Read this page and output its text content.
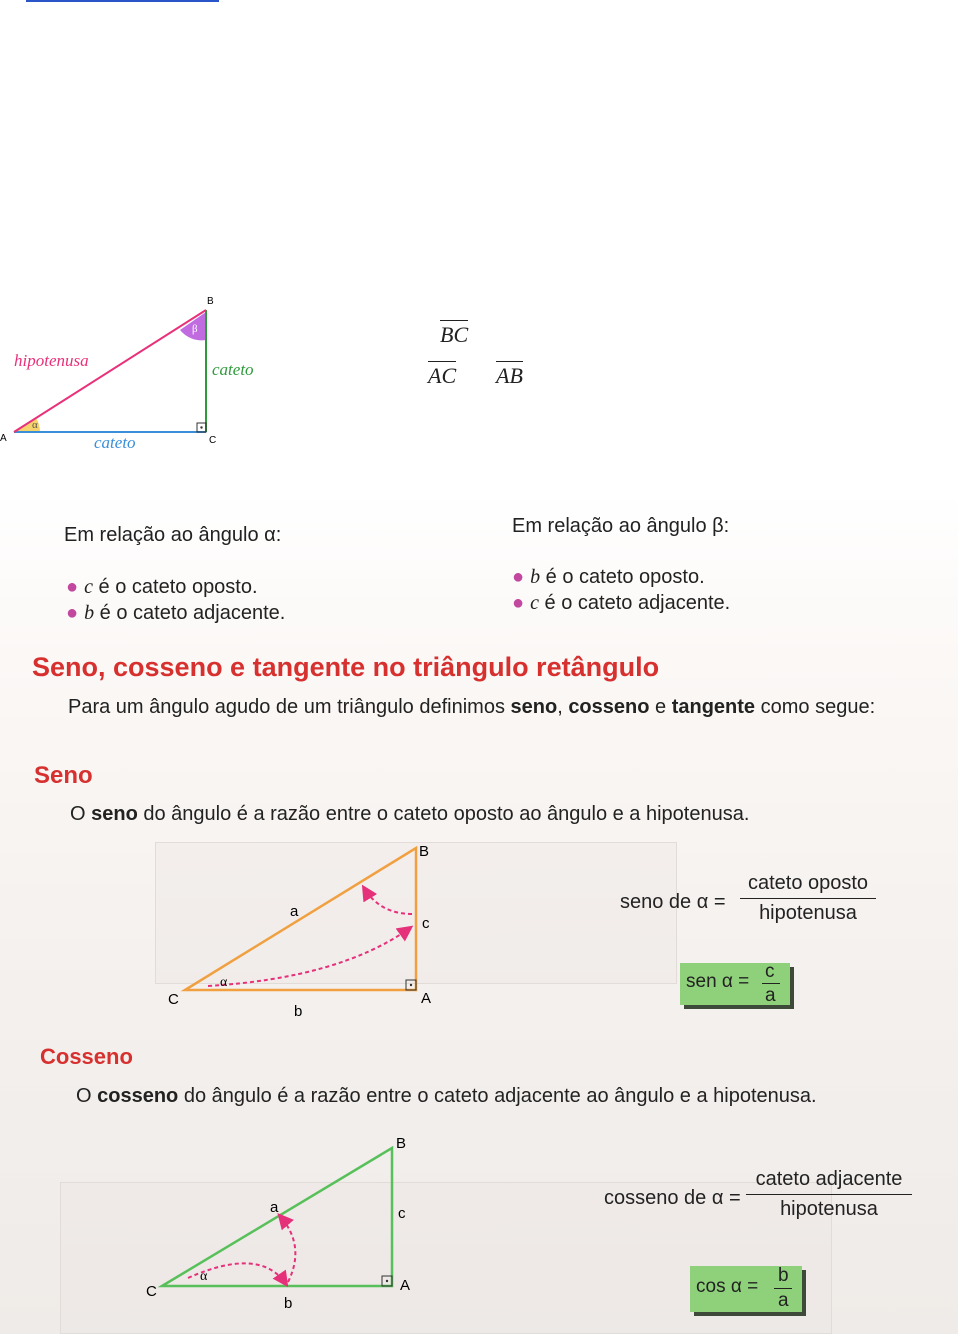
A
B
C
hipotenusa	cateto
cateto
α
β	BC
AC AB
Em relação ao ângulo α:
● c é o cateto oposto.
● b é o cateto adjacente.
Em relação ao ângulo β:
● b é o cateto oposto.
● c é o cateto adjacente.
Seno, cosseno e tangente no triângulo retângulo
Para um ângulo agudo de um triângulo definimos seno, cosseno e tangente como segue:
Seno
O seno do ângulo é a razão entre o cateto oposto ao ângulo e a hipotenusa.
B
C	A
a
b
c
α
seno de α =
cateto oposto
hipotenusa
sen α = c
a
Cosseno
O cosseno do ângulo é a razão entre o cateto adjacente ao ângulo e a hipotenusa.
B
C	A
a
b
c
α
cosseno de α =
cateto adjacente
hipotenusa
cos α =
b
a
